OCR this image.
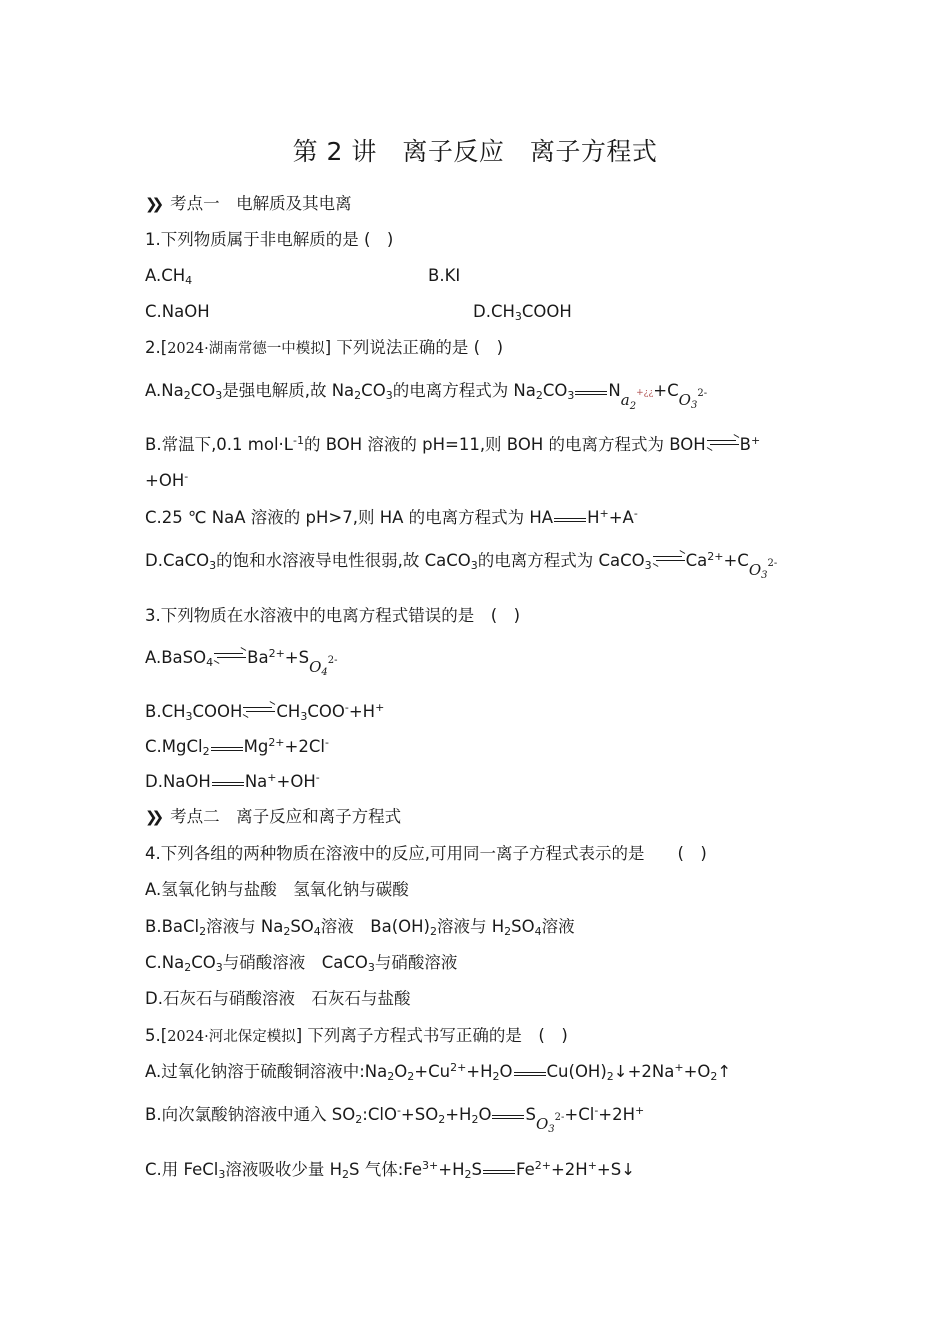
第 2 讲　离子反应　离子方程式
❯❯ 考点一　电解质及其电离
1.下列物质属于非电解质的是 (　)
$A.CH_4$	B.KI
C.NaOH	$D.CH_3COOH$
2.[2024·湖南常德一中模拟] 下列说法正确的是 (　)
$A.Na_2CO_3$是强电解质,故 $Na_2CO_3$的电离方程式为 $Na_2CO_3$ $Na_2^{+¿¿}+CO_3^{2-}$
B.常温下,0.1 $mol\cdot L^{-1}$的 BOH 溶液的 pH=11,则 BOH 的电离方程式为 BOH B+
+OH-
C.25 ℃ NaA 溶液的 pH>7,则 HA 的电离方程式为 HA H++A-
D.CaCO$_3$的饱和水溶液导电性很弱,故 CaCO$_3$的电离方程式为 CaCO$_3$ $Ca^{2+}+CO_3^{2-}$
3.下列物质在水溶液中的电离方程式错误的是　(　)
A.BaSO$_4$ $Ba^{2+}+SO_4^{2-}$
$B.CH_3COOH$ $CH_3COO^-+H^+$
C.MgCl$_2$ $Mg^{2+}+2Cl^-$
D.NaOH Na++OH-
❯❯ 考点二　离子反应和离子方程式
4.下列各组的两种物质在溶液中的反应,可用同一离子方程式表示的是　　(　)
A.氢氧化钠与盐酸　氢氧化钠与碳酸
B.BaCl$_2$溶液与 $Na_2SO_4$溶液　$Ba(OH)_2$溶液与 $H_2SO_4$溶液
$C.Na_2CO_3$与硝酸溶液　CaCO$_3$与硝酸溶液
D.石灰石与硝酸溶液　石灰石与盐酸
5.[2024·河北保定模拟] 下列离子方程式书写正确的是　(　)
A.过氧化钠溶于硫酸铜溶液中$:Na_2O_2+Cu^{2+}+H_2O$ $Cu(OH)_2↓+2Na^++O_2↑$
B.向次氯酸钠溶液中通入 $SO_2:ClO^-+SO_2+H_2O$ $SO_3^{2-}+Cl^-+2H^+$
C.用 FeCl$_3$溶液吸收少量 $H_2S$ 气体$:Fe^{3+}+H_2S$ $Fe^{2+}+2H^++S↓$
